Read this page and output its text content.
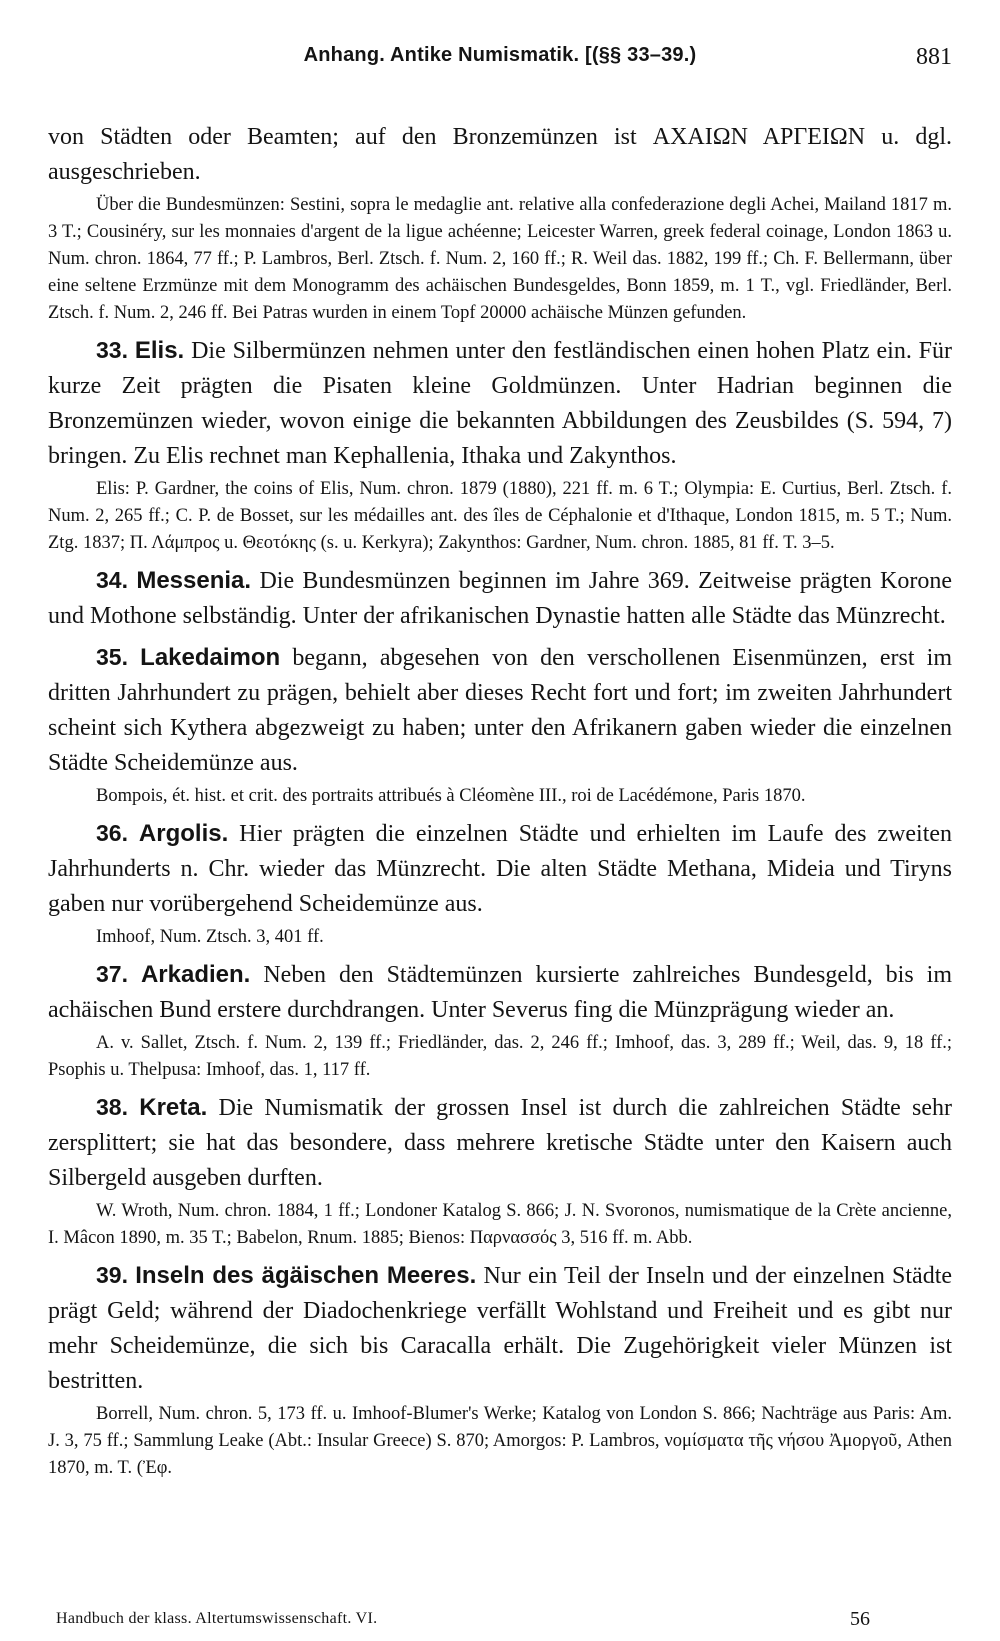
Anhang. Antike Numismatik. [(§§ 33–39.)	881

von Städten oder Beamten; auf den Bronzemünzen ist ΑΧΑΙΩΝ ΑΡΓΕΙΩΝ u. dgl. ausgeschrieben.

Über die Bundesmünzen: Sestini, sopra le medaglie ant. relative alla confederazione degli Achei, Mailand 1817 m. 3 T.; Cousinéry, sur les monnaies d'argent de la ligue achéenne; Leicester Warren, greek federal coinage, London 1863 u. Num. chron. 1864, 77 ff.; P. Lambros, Berl. Ztsch. f. Num. 2, 160 ff.; R. Weil das. 1882, 199 ff.; Ch. F. Bellermann, über eine seltene Erzmünze mit dem Monogramm des achäischen Bundesgeldes, Bonn 1859, m. 1 T., vgl. Friedländer, Berl. Ztsch. f. Num. 2, 246 ff. Bei Patras wurden in einem Topf 20000 achäische Münzen gefunden.

33. Elis. Die Silbermünzen nehmen unter den festländischen einen hohen Platz ein. Für kurze Zeit prägten die Pisaten kleine Goldmünzen. Unter Hadrian beginnen die Bronzemünzen wieder, wovon einige die bekannten Abbildungen des Zeusbildes (S. 594, 7) bringen. Zu Elis rechnet man Kephallenia, Ithaka und Zakynthos.

Elis: P. Gardner, the coins of Elis, Num. chron. 1879 (1880), 221 ff. m. 6 T.; Olympia: E. Curtius, Berl. Ztsch. f. Num. 2, 265 ff.; C. P. de Bosset, sur les médailles ant. des îles de Céphalonie et d'Ithaque, London 1815, m. 5 T.; Num. Ztg. 1837; Π. Λάμπρος u. Θεοτόκης (s. u. Kerkyra); Zakynthos: Gardner, Num. chron. 1885, 81 ff. T. 3–5.

34. Messenia. Die Bundesmünzen beginnen im Jahre 369. Zeitweise prägten Korone und Mothone selbständig. Unter der afrikanischen Dynastie hatten alle Städte das Münzrecht.

35. Lakedaimon begann, abgesehen von den verschollenen Eisenmünzen, erst im dritten Jahrhundert zu prägen, behielt aber dieses Recht fort und fort; im zweiten Jahrhundert scheint sich Kythera abgezweigt zu haben; unter den Afrikanern gaben wieder die einzelnen Städte Scheidemünze aus.

Bompois, ét. hist. et crit. des portraits attribués à Cléomène III., roi de Lacédémone, Paris 1870.

36. Argolis. Hier prägten die einzelnen Städte und erhielten im Laufe des zweiten Jahrhunderts n. Chr. wieder das Münzrecht. Die alten Städte Methana, Mideia und Tiryns gaben nur vorübergehend Scheidemünze aus.

Imhoof, Num. Ztsch. 3, 401 ff.

37. Arkadien. Neben den Städtemünzen kursierte zahlreiches Bundesgeld, bis im achäischen Bund erstere durchdrangen. Unter Severus fing die Münzprägung wieder an.

A. v. Sallet, Ztsch. f. Num. 2, 139 ff.; Friedländer, das. 2, 246 ff.; Imhoof, das. 3, 289 ff.; Weil, das. 9, 18 ff.; Psophis u. Thelpusa: Imhoof, das. 1, 117 ff.

38. Kreta. Die Numismatik der grossen Insel ist durch die zahlreichen Städte sehr zersplittert; sie hat das besondere, dass mehrere kretische Städte unter den Kaisern auch Silbergeld ausgeben durften.

W. Wroth, Num. chron. 1884, 1 ff.; Londoner Katalog S. 866; J. N. Svoronos, numismatique de la Crète ancienne, I. Mâcon 1890, m. 35 T.; Babelon, Rnum. 1885; Bienos: Παρνασσός 3, 516 ff. m. Abb.

39. Inseln des ägäischen Meeres. Nur ein Teil der Inseln und der einzelnen Städte prägt Geld; während der Diadochenkriege verfällt Wohlstand und Freiheit und es gibt nur mehr Scheidemünze, die sich bis Caracalla erhält. Die Zugehörigkeit vieler Münzen ist bestritten.

Borrell, Num. chron. 5, 173 ff. u. Imhoof-Blumer's Werke; Katalog von London S. 866; Nachträge aus Paris: Am. J. 3, 75 ff.; Sammlung Leake (Abt.: Insular Greece) S. 870; Amorgos: P. Lambros, νομίσματα τῆς νήσου Ἀμοργοῦ, Athen 1870, m. T. (Ἐφ.

Handbuch der klass. Altertumswissenschaft. VI.	56
